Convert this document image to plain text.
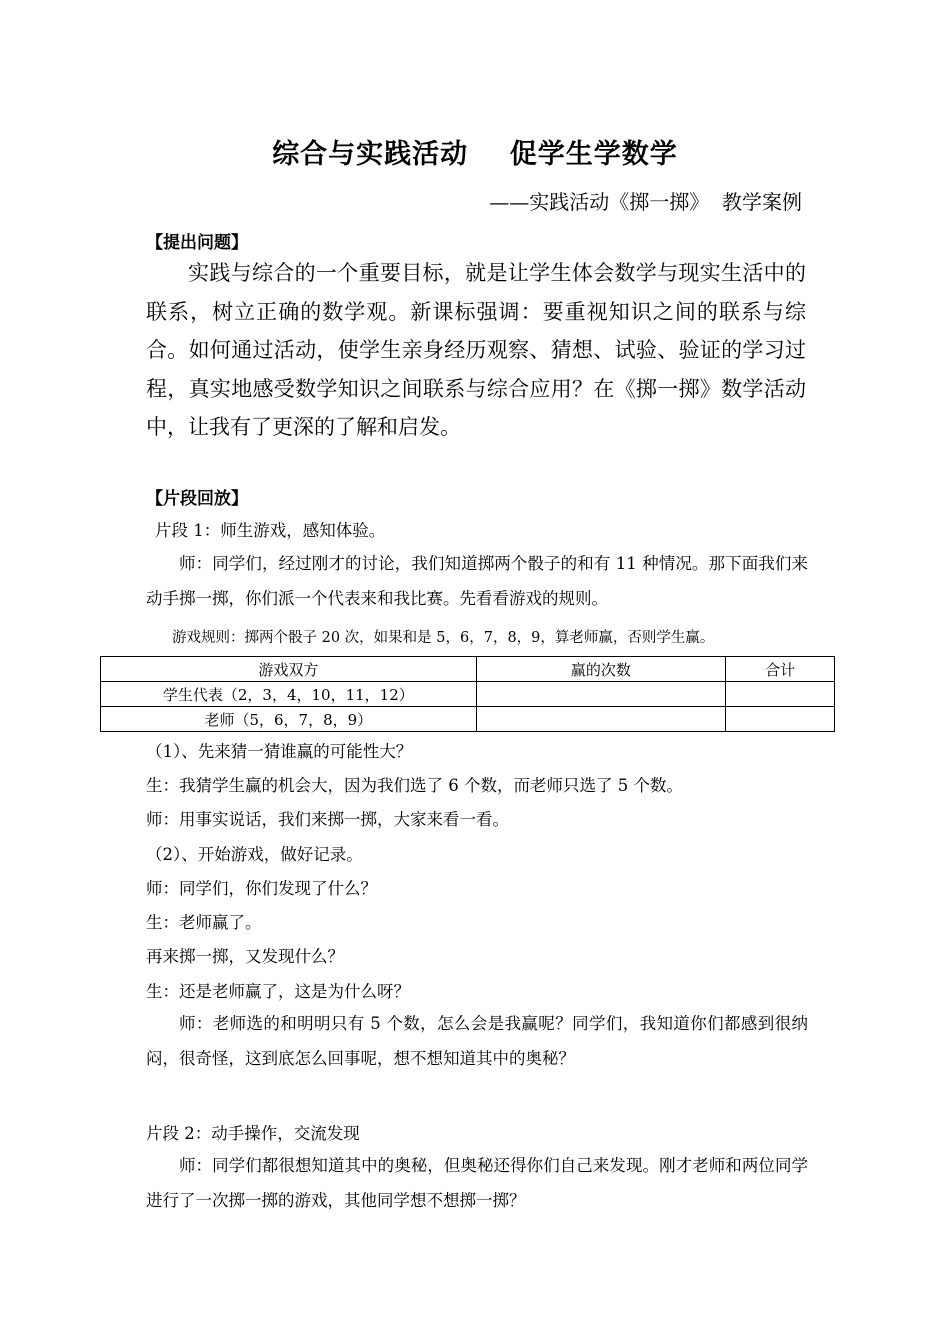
综合与实践活动    促学生学数学
——实践活动《掷一掷》  教学案例
【提出问题】

实践与综合的一个重要目标，就是让学生体会数学与现实生活中的联系，树立正确的数学观。新课标强调：要重视知识之间的联系与综合。如何通过活动，使学生亲身经历观察、猜想、试验、验证的学习过程，真实地感受数学知识之间联系与综合应用？在《掷一掷》数学活动中，让我有了更深的了解和启发。

【片段回放】
片段 1：师生游戏，感知体验。

师：同学们，经过刚才的讨论，我们知道掷两个骰子的和有 11 种情况。那下面我们来动手掷一掷，你们派一个代表来和我比赛。先看看游戏的规则。

游戏规则：掷两个骰子 20 次，如果和是 5，6，7，8，9，算老师赢，否则学生赢。
游戏双方	赢的次数	合计
学生代表（2，3，4，10，11，12）		
老师（5，6，7，8，9）		
（1）、先来猜一猜谁赢的可能性大？
生：我猜学生赢的机会大，因为我们选了 6 个数，而老师只选了 5 个数。
师：用事实说话，我们来掷一掷，大家来看一看。
（2）、开始游戏，做好记录。
师：同学们，你们发现了什么？
生：老师赢了。
再来掷一掷，又发现什么？
生：还是老师赢了，这是为什么呀？

师：老师选的和明明只有 5 个数，怎么会是我赢呢？同学们，我知道你们都感到很纳闷，很奇怪，这到底怎么回事呢，想不想知道其中的奥秘？

片段 2：动手操作，交流发现

师：同学们都很想知道其中的奥秘，但奥秘还得你们自己来发现。刚才老师和两位同学进行了一次掷一掷的游戏，其他同学想不想掷一掷？
